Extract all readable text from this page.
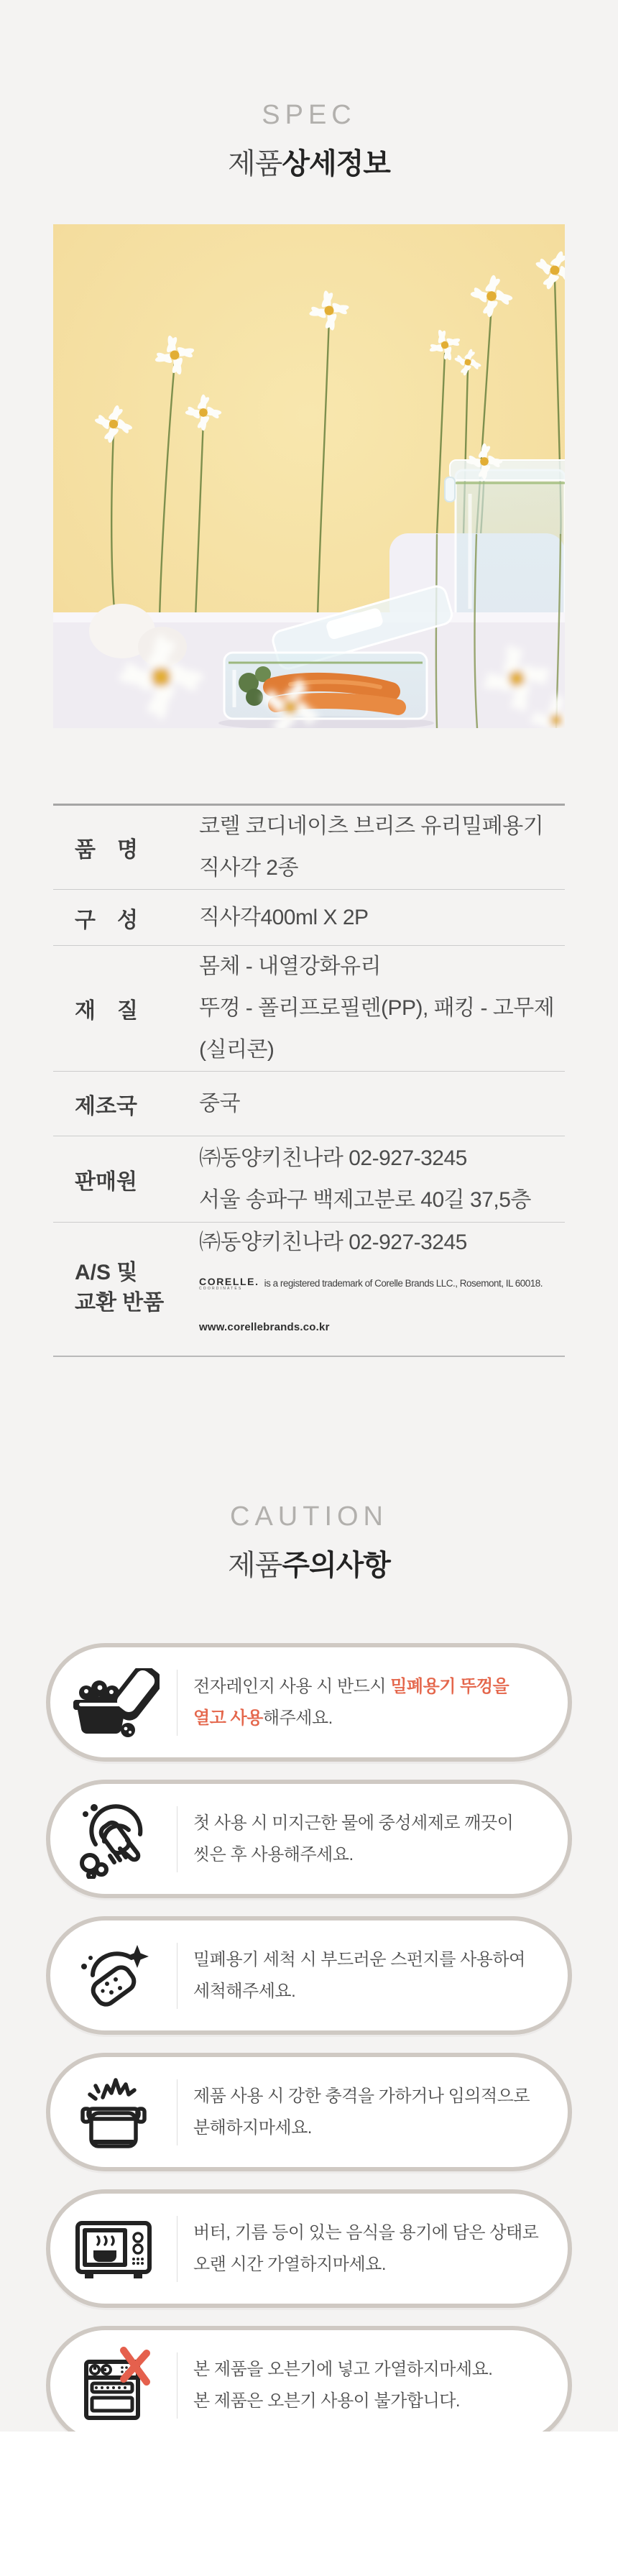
SPEC
제품상세정보
품 명
코렐 코디네이츠 브리즈 유리밀폐용기 직사각 2종
구 성	직사각400ml X 2P
재 질
몸체 - 내열강화유리
뚜껑 - 폴리프로필렌(PP), 패킹 - 고무제(실리콘)
제조국	중국
판매원
㈜동양키친나라 02-927-3245
서울 송파구 백제고분로 40길 37,5층
A/S 및
교환 반품
㈜동양키친나라 02-927-3245
CORELLE.
COORDINATES is a registered trademark of Corelle Brands LLC., Rosemont, IL 60018.
www.corellebrands.co.kr
CAUTION
제품주의사항
전자레인지 사용 시 반드시 밀폐용기 뚜껑을
열고 사용해주세요.
첫 사용 시 미지근한 물에 중성세제로 깨끗이
씻은 후 사용해주세요.
밀폐용기 세척 시 부드러운 스펀지를 사용하여
세척해주세요.
제품 사용 시 강한 충격을 가하거나 임의적으로
분해하지마세요.
버터, 기름 등이 있는 음식을 용기에 담은 상태로
오랜 시간 가열하지마세요.
본 제품을 오븐기에 넣고 가열하지마세요.
본 제품은 오븐기 사용이 불가합니다.
